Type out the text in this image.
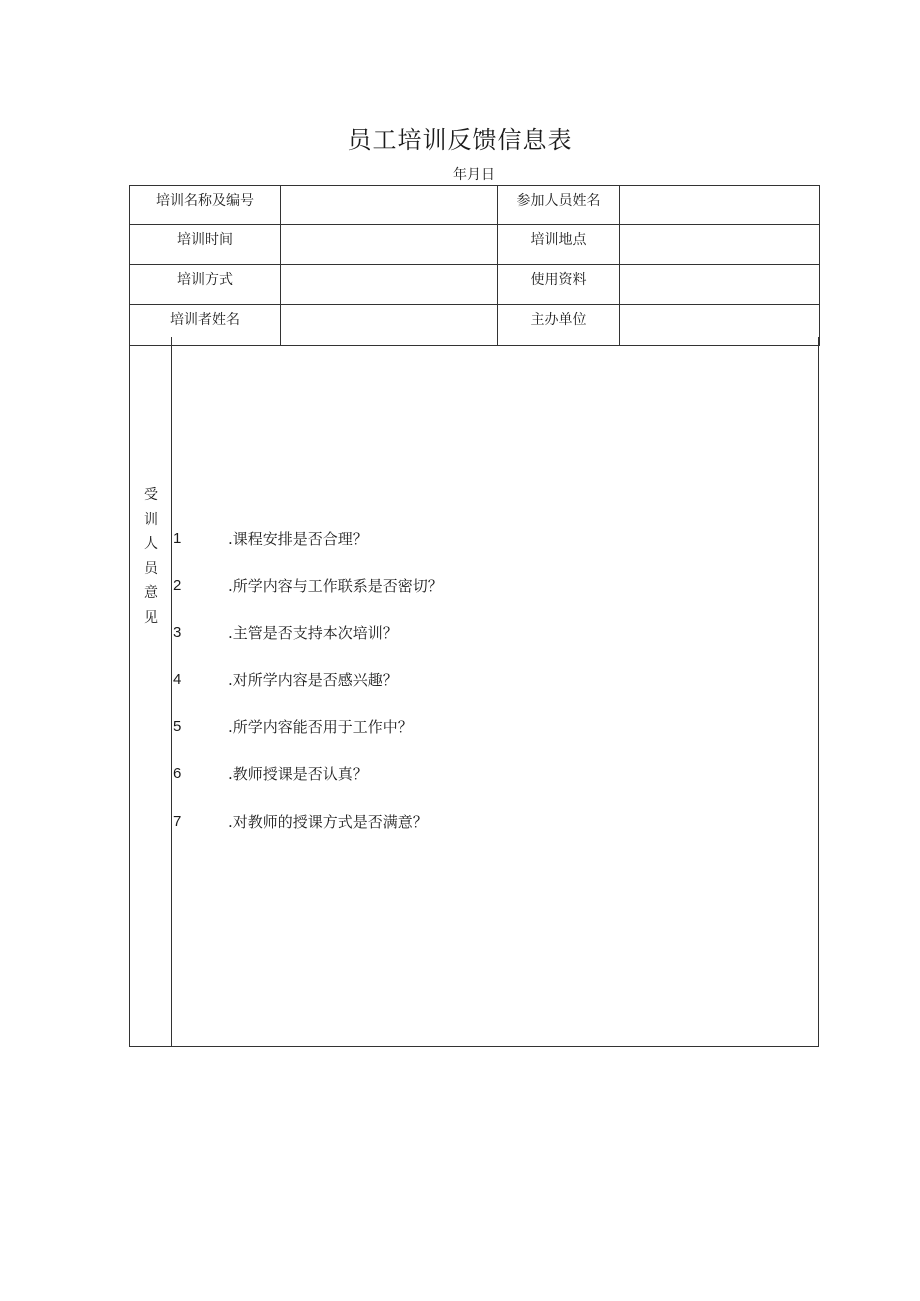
员工培训反馈信息表
年月日
培训名称及编号		参加人员姓名	
培训时间		培训地点	
培训方式		使用资料	
培训者姓名		主办单位	
受
训
人
员
意
见
1	.课程安排是否合理？
2	.所学内容与工作联系是否密切？
3	.主管是否支持本次培训？
4	.对所学内容是否感兴趣？
5	.所学内容能否用于工作中？
6	.教师授课是否认真？
7	.对教师的授课方式是否满意？
